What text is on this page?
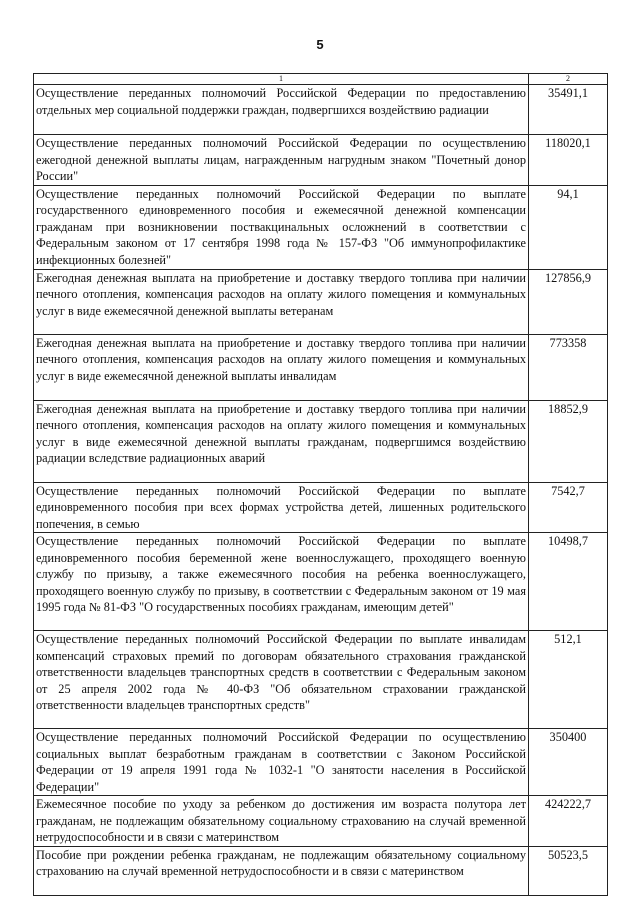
5
1	2
Осуществление переданных полномочий Российской Федерации по предоставлению отдельных мер социальной поддержки граждан, подвергшихся воздействию радиации	35491,1
Осуществление переданных полномочий Российской Федерации по осуществлению ежегодной денежной выплаты лицам, награжденным нагрудным знаком "Почетный донор России"	118020,1
Осуществление переданных полномочий Российской Федерации по выплате государственного единовременного пособия и ежемесячной денежной компенсации гражданам при возникновении поствакцинальных осложнений в соответствии с Федеральным законом от 17 сентября 1998 года № 157-ФЗ "Об иммунопрофилактике инфекционных болезней"	94,1
Ежегодная денежная выплата на приобретение и доставку твердого топлива при наличии печного отопления, компенсация расходов на оплату жилого помещения и коммунальных услуг в виде ежемесячной денежной выплаты ветеранам	127856,9
Ежегодная денежная выплата на приобретение и доставку твердого топлива при наличии печного отопления, компенсация расходов на оплату жилого помещения и коммунальных услуг в виде ежемесячной денежной выплаты инвалидам	773358
Ежегодная денежная выплата на приобретение и доставку твердого топлива при наличии печного отопления, компенсация расходов на оплату жилого помещения и коммунальных услуг в виде ежемесячной денежной выплаты гражданам, подвергшимся воздействию радиации вследствие радиационных аварий	18852,9
Осуществление переданных полномочий Российской Федерации по выплате единовременного пособия при всех формах устройства детей, лишенных родительского попечения, в семью	7542,7
Осуществление переданных полномочий Российской Федерации по выплате единовременного пособия беременной жене военнослужащего, проходящего военную службу по призыву, а также ежемесячного пособия на ребенка военнослужащего, проходящего военную службу по призыву, в соответствии с Федеральным законом от 19 мая 1995 года № 81-ФЗ "О государственных пособиях гражданам, имеющим детей"	10498,7
Осуществление переданных полномочий Российской Федерации по выплате инвалидам компенсаций страховых премий по договорам обязательного страхования гражданской ответственности владельцев транспортных средств в соответствии с Федеральным законом от 25 апреля 2002 года № 40-ФЗ "Об обязательном страховании гражданской ответственности владельцев транспортных средств"	512,1
Осуществление переданных полномочий Российской Федерации по осуществлению социальных выплат безработным гражданам в соответствии с Законом Российской Федерации от 19 апреля 1991 года № 1032-1 "О занятости населения в Российской Федерации"	350400
Ежемесячное пособие по уходу за ребенком до достижения им возраста полутора лет гражданам, не подлежащим обязательному социальному страхованию на случай временной нетрудоспособности и в связи с материнством	424222,7
Пособие при рождении ребенка гражданам, не подлежащим обязательному социальному страхованию на случай временной нетрудоспособности и в связи с материнством	50523,5
